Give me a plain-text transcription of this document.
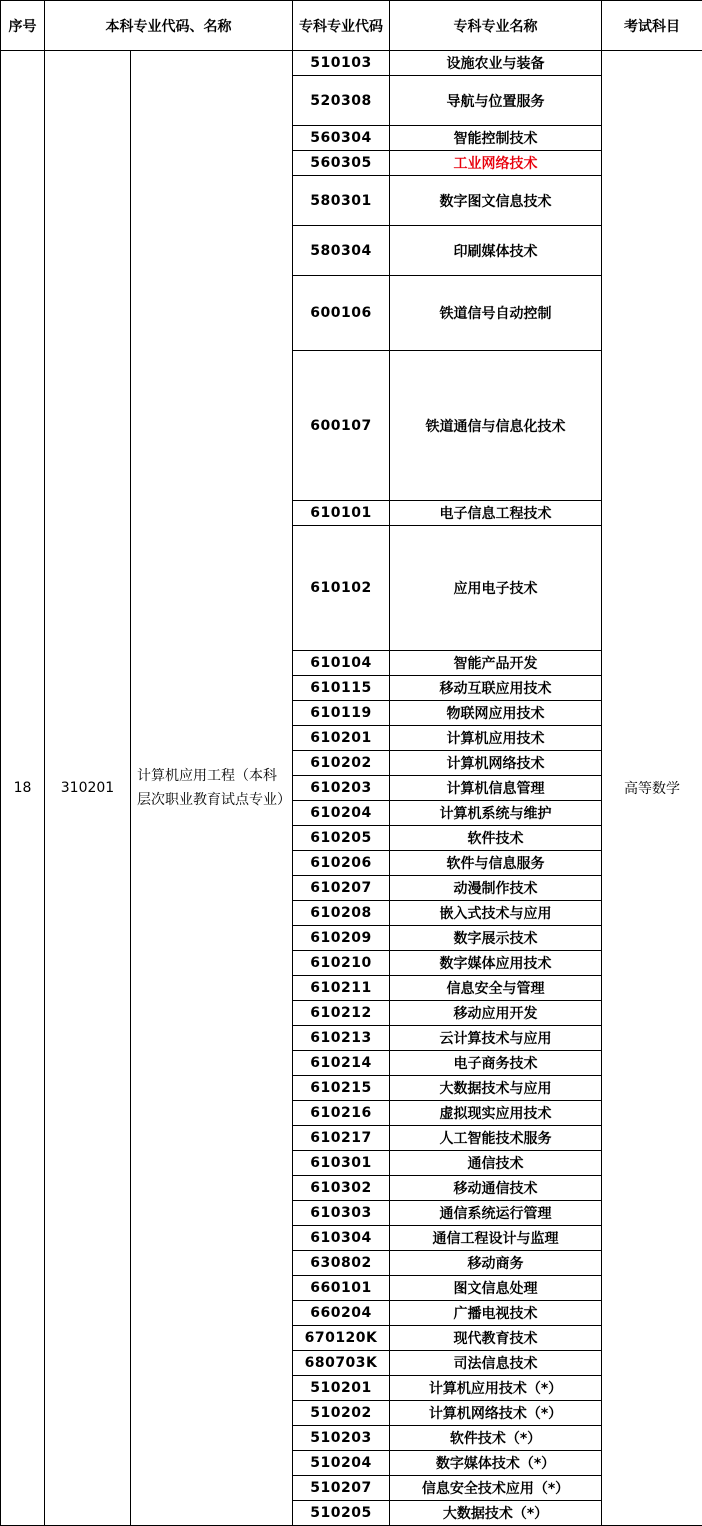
序号	本科专业代码、名称		专科专业代码	专科专业名称	考试科目
18	310201	计算机应用工程（本科层次职业教育试点专业）	510103	设施农业与装备	高等数学
			520308	导航与位置服务	
			560304	智能控制技术	
			560305	工业网络技术	
			580301	数字图文信息技术	
			580304	印刷媒体技术	
			600106	铁道信号自动控制	
			600107	铁道通信与信息化技术	
			610101	电子信息工程技术	
			610102	应用电子技术	
			610104	智能产品开发	
			610115	移动互联应用技术	
			610119	物联网应用技术	
			610201	计算机应用技术	
			610202	计算机网络技术	
			610203	计算机信息管理	
			610204	计算机系统与维护	
			610205	软件技术	
			610206	软件与信息服务	
			610207	动漫制作技术	
			610208	嵌入式技术与应用	
			610209	数字展示技术	
			610210	数字媒体应用技术	
			610211	信息安全与管理	
			610212	移动应用开发	
			610213	云计算技术与应用	
			610214	电子商务技术	
			610215	大数据技术与应用	
			610216	虚拟现实应用技术	
			610217	人工智能技术服务	
			610301	通信技术	
			610302	移动通信技术	
			610303	通信系统运行管理	
			610304	通信工程设计与监理	
			630802	移动商务	
			660101	图文信息处理	
			660204	广播电视技术	
			670120K	现代教育技术	
			680703K	司法信息技术	
			510201	计算机应用技术（*）	
			510202	计算机网络技术（*）	
			510203	软件技术（*）	
			510204	数字媒体技术（*）	
			510207	信息安全技术应用（*）	
			510205	大数据技术（*）	
